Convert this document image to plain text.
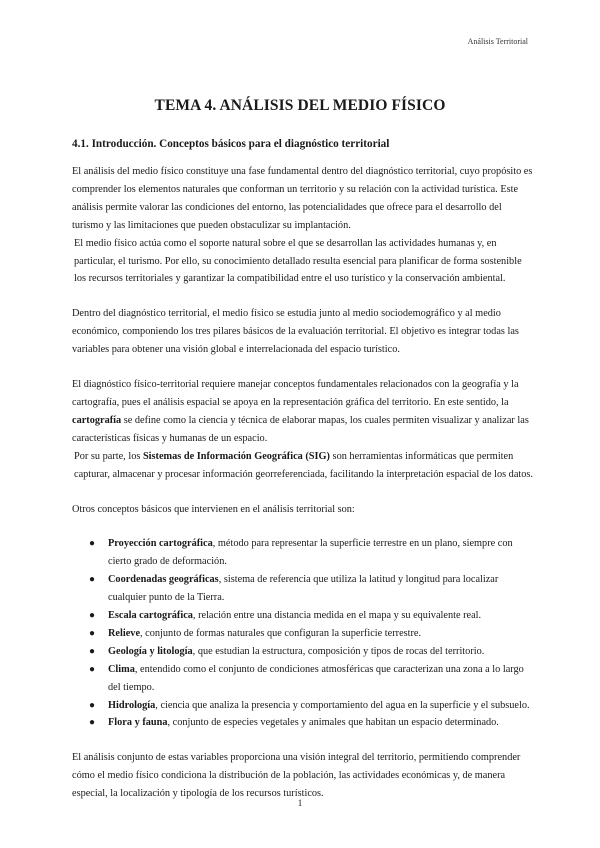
Análisis Territorial
TEMA 4. ANÁLISIS DEL MEDIO FÍSICO
4.1. Introducción. Conceptos básicos para el diagnóstico territorial

El análisis del medio físico constituye una fase fundamental dentro del diagnóstico territorial, cuyo propósito es comprender los elementos naturales que conforman un territorio y su relación con la actividad turística. Este análisis permite valorar las condiciones del entorno, las potencialidades que ofrece para el desarrollo del turismo y las limitaciones que pueden obstaculizar su implantación.

El medio físico actúa como el soporte natural sobre el que se desarrollan las actividades humanas y, en particular, el turismo. Por ello, su conocimiento detallado resulta esencial para planificar de forma sostenible los recursos territoriales y garantizar la compatibilidad entre el uso turístico y la conservación ambiental.

Dentro del diagnóstico territorial, el medio físico se estudia junto al medio sociodemográfico y al medio económico, componiendo los tres pilares básicos de la evaluación territorial. El objetivo es integrar todas las variables para obtener una visión global e interrelacionada del espacio turístico.

El diagnóstico físico-territorial requiere manejar conceptos fundamentales relacionados con la geografía y la cartografía, pues el análisis espacial se apoya en la representación gráfica del territorio. En este sentido, la cartografía se define como la ciencia y técnica de elaborar mapas, los cuales permiten visualizar y analizar las características físicas y humanas de un espacio.

Por su parte, los Sistemas de Información Geográfica (SIG) son herramientas informáticas que permiten capturar, almacenar y procesar información georreferenciada, facilitando la interpretación espacial de los datos.

Otros conceptos básicos que intervienen en el análisis territorial son:

● Proyección cartográfica, método para representar la superficie terrestre en un plano, siempre con cierto grado de deformación.
● Coordenadas geográficas, sistema de referencia que utiliza la latitud y longitud para localizar cualquier punto de la Tierra.
● Escala cartográfica, relación entre una distancia medida en el mapa y su equivalente real.
● Relieve, conjunto de formas naturales que configuran la superficie terrestre.
● Geología y litología, que estudian la estructura, composición y tipos de rocas del territorio.
● Clima, entendido como el conjunto de condiciones atmosféricas que caracterizan una zona a lo largo del tiempo.
● Hidrología, ciencia que analiza la presencia y comportamiento del agua en la superficie y el subsuelo.
● Flora y fauna, conjunto de especies vegetales y animales que habitan un espacio determinado.

El análisis conjunto de estas variables proporciona una visión integral del territorio, permitiendo comprender cómo el medio físico condiciona la distribución de la población, las actividades económicas y, de manera especial, la localización y tipología de los recursos turísticos.

1
